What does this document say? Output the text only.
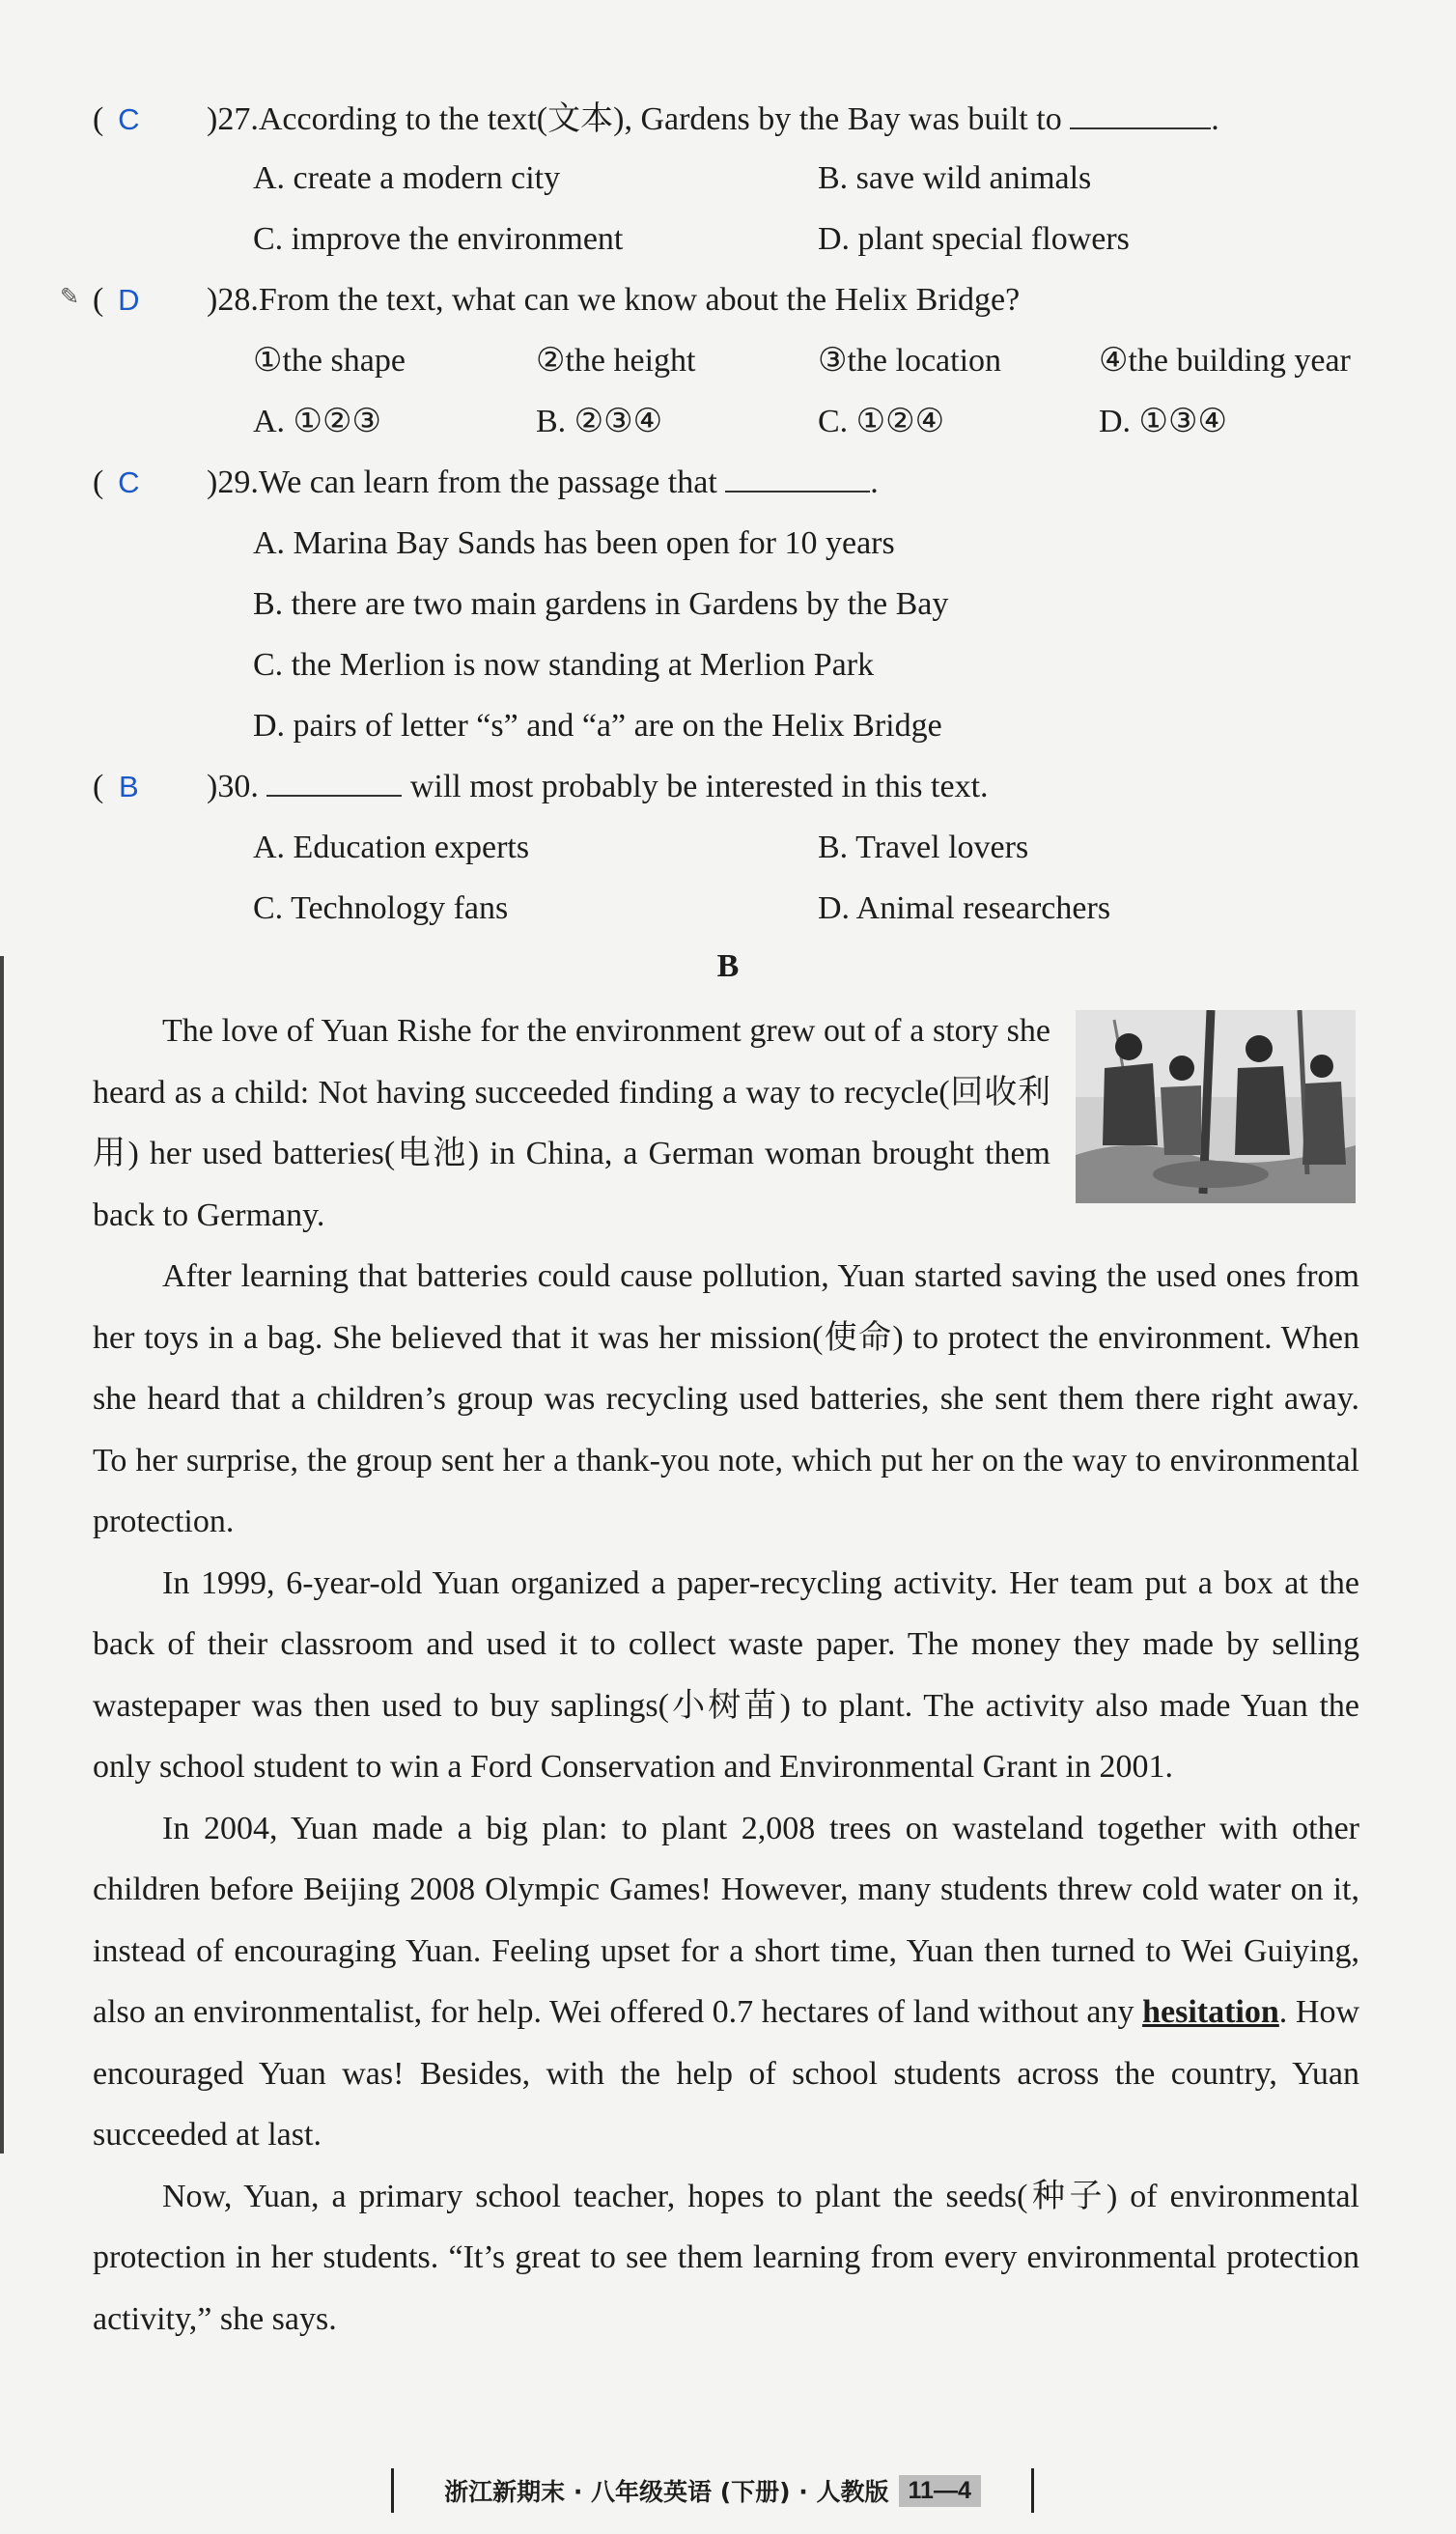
✎
( C )27.According to the text(文本), Gardens by the Bay was built to	.
A. create a modern city	B. save wild animals
C. improve the environment	D. plant special flowers
( D )28.From the text, what can we know about the Helix Bridge?
①the shape	②the height	③the location	④the building year
A. ①②③	B. ②③④	C. ①②④	D. ①③④
( C )29.We can learn from the passage that	.
A. Marina Bay Sands has been open for 10 years
B. there are two main gardens in Gardens by the Bay
C. the Merlion is now standing at Merlion Park
D. pairs of letter “s” and “a” are on the Helix Bridge
( B )30.	will most probably be interested in this text.
A. Education experts	B. Travel lovers
C. Technology fans	D. Animal researchers
B

The love of Yuan Rishe for the environment grew out of a story she heard as a child: Not having succeeded finding a way to recycle(回收利用) her used batteries(电池) in China, a German woman brought them back to Germany.

After learning that batteries could cause pollution, Yuan started saving the used ones from her toys in a bag. She believed that it was her mission(使命) to protect the environment. When she heard that a children’s group was recycling used batteries, she sent them there right away. To her surprise, the group sent her a thank-you note, which put her on the way to environmental protection.

In 1999, 6-year-old Yuan organized a paper-recycling activity. Her team put a box at the back of their classroom and used it to collect waste paper. The money they made by selling wastepaper was then used to buy saplings(小树苗) to plant. The activity also made Yuan the only school student to win a Ford Conservation and Environmental Grant in 2001.

In 2004, Yuan made a big plan: to plant 2,008 trees on wasteland together with other children before Beijing 2008 Olympic Games! However, many students threw cold water on it, instead of encouraging Yuan. Feeling upset for a short time, Yuan then turned to Wei Guiying, also an environmentalist, for help. Wei offered 0.7 hectares of land without any hesitation. How encouraged Yuan was! Besides, with the help of school students across the country, Yuan succeeded at last.

Now, Yuan, a primary school teacher, hopes to plant the seeds(种子) of environmental protection in her students. “It’s great to see them learning from every environmental protection activity,” she says.

浙江新期末 · 八年级英语 (下册) · 人教版 11—4
